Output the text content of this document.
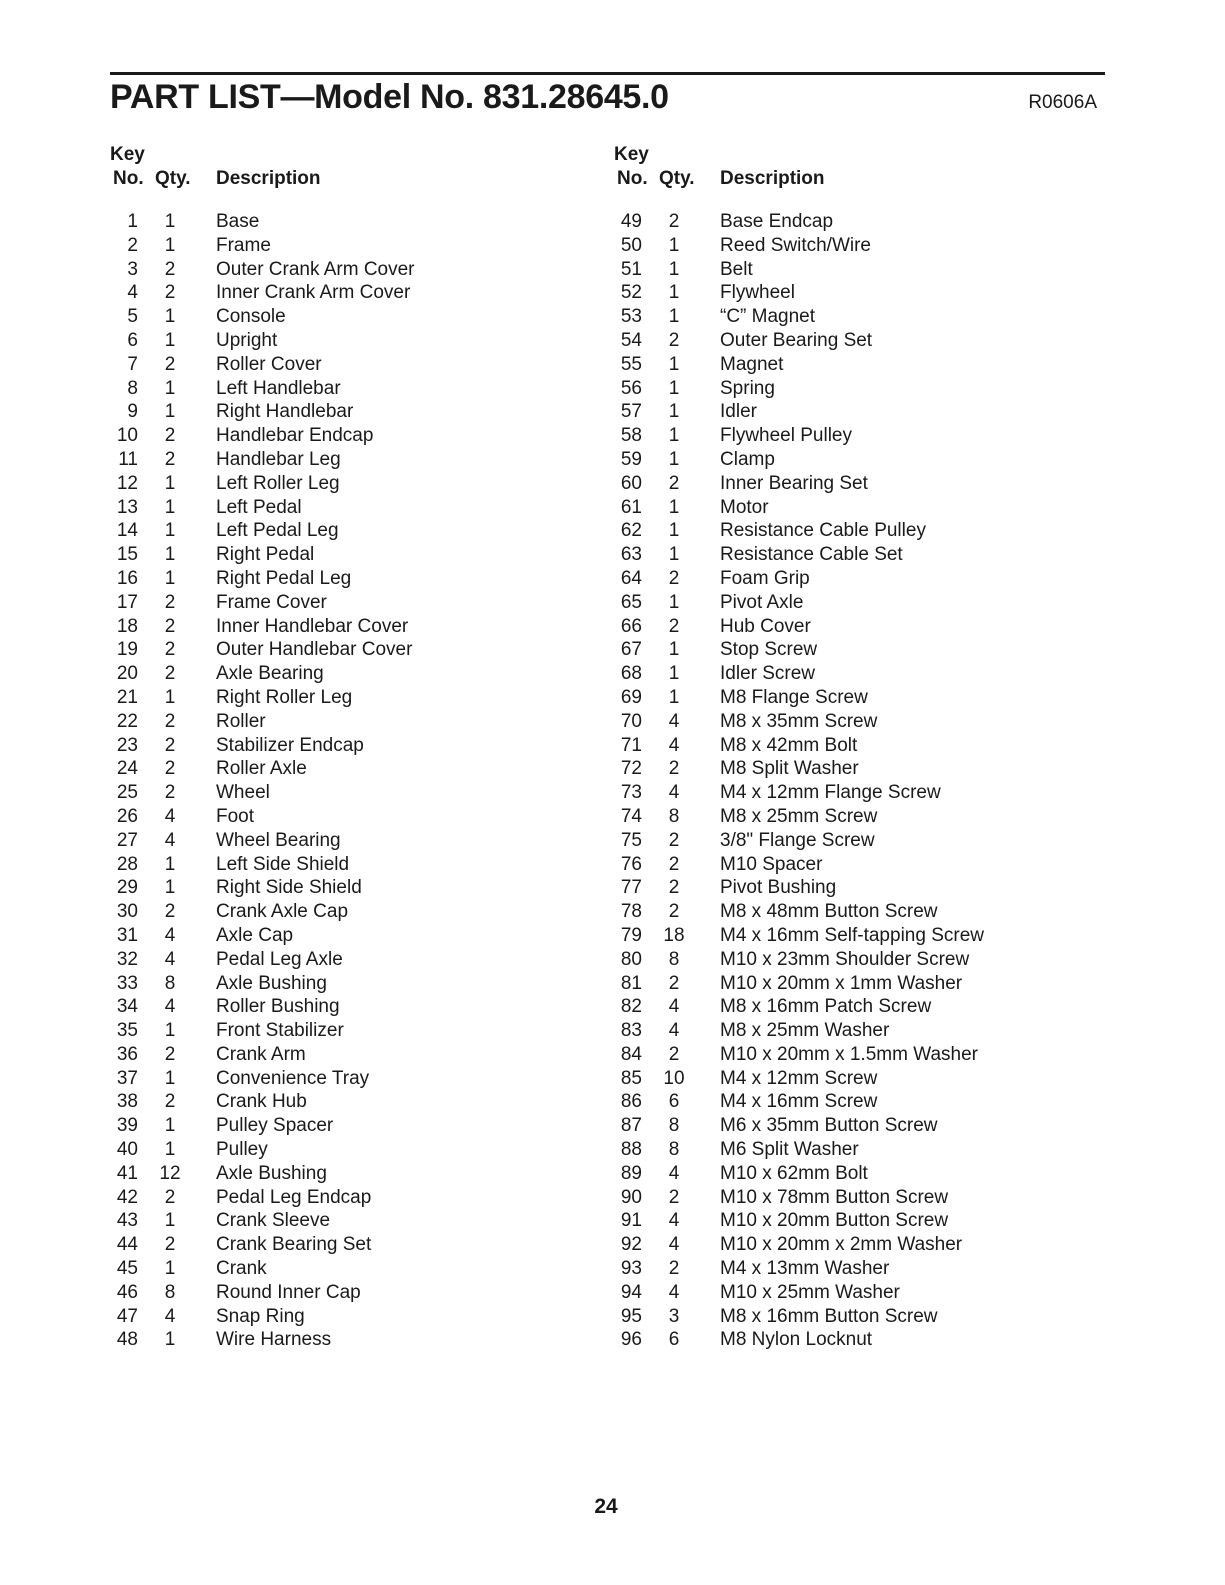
PART LIST—Model No. 831.28645.0	R0606A
Key
No. Qty. Description
1	1	Base
2	1	Frame
3	2	Outer Crank Arm Cover
4	2	Inner Crank Arm Cover
5	1	Console
6	1	Upright
7	2	Roller Cover
8	1	Left Handlebar
9	1	Right Handlebar
10	2	Handlebar Endcap
11	2	Handlebar Leg
12	1	Left Roller Leg
13	1	Left Pedal
14	1	Left Pedal Leg
15	1	Right Pedal
16	1	Right Pedal Leg
17	2	Frame Cover
18	2	Inner Handlebar Cover
19	2	Outer Handlebar Cover
20	2	Axle Bearing
21	1	Right Roller Leg
22	2	Roller
23	2	Stabilizer Endcap
24	2	Roller Axle
25	2	Wheel
26	4	Foot
27	4	Wheel Bearing
28	1	Left Side Shield
29	1	Right Side Shield
30	2	Crank Axle Cap
31	4	Axle Cap
32	4	Pedal Leg Axle
33	8	Axle Bushing
34	4	Roller Bushing
35	1	Front Stabilizer
36	2	Crank Arm
37	1	Convenience Tray
38	2	Crank Hub
39	1	Pulley Spacer
40	1	Pulley
41 12 Axle Bushing
42	2	Pedal Leg Endcap
43	1	Crank Sleeve
44	2	Crank Bearing Set
45	1	Crank
46	8	Round Inner Cap
47	4	Snap Ring
48	1	Wire Harness
Key
No. Qty. Description
49	2	Base Endcap
50	1	Reed Switch/Wire
51	1	Belt
52	1	Flywheel
53	1	“C” Magnet
54	2	Outer Bearing Set
55	1	Magnet
56	1	Spring
57	1	Idler
58	1	Flywheel Pulley
59	1	Clamp
60	2	Inner Bearing Set
61	1	Motor
62	1	Resistance Cable Pulley
63	1	Resistance Cable Set
64	2	Foam Grip
65	1	Pivot Axle
66	2	Hub Cover
67	1	Stop Screw
68	1	Idler Screw
69	1	M8 Flange Screw
70	4	M8 x 35mm Screw
71	4	M8 x 42mm Bolt
72	2	M8 Split Washer
73	4	M4 x 12mm Flange Screw
74	8	M8 x 25mm Screw
75	2	3/8" Flange Screw
76	2	M10 Spacer
77	2	Pivot Bushing
78	2	M8 x 48mm Button Screw
79 18 M4 x 16mm Self-tapping Screw
80	8	M10 x 23mm Shoulder Screw
81	2	M10 x 20mm x 1mm Washer
82	4	M8 x 16mm Patch Screw
83	4	M8 x 25mm Washer
84	2	M10 x 20mm x 1.5mm Washer
85 10 M4 x 12mm Screw
86	6	M4 x 16mm Screw
87	8	M6 x 35mm Button Screw
88	8	M6 Split Washer
89	4	M10 x 62mm Bolt
90	2	M10 x 78mm Button Screw
91	4	M10 x 20mm Button Screw
92	4	M10 x 20mm x 2mm Washer
93	2	M4 x 13mm Washer
94	4	M10 x 25mm Washer
95	3	M8 x 16mm Button Screw
96	6	M8 Nylon Locknut
24
